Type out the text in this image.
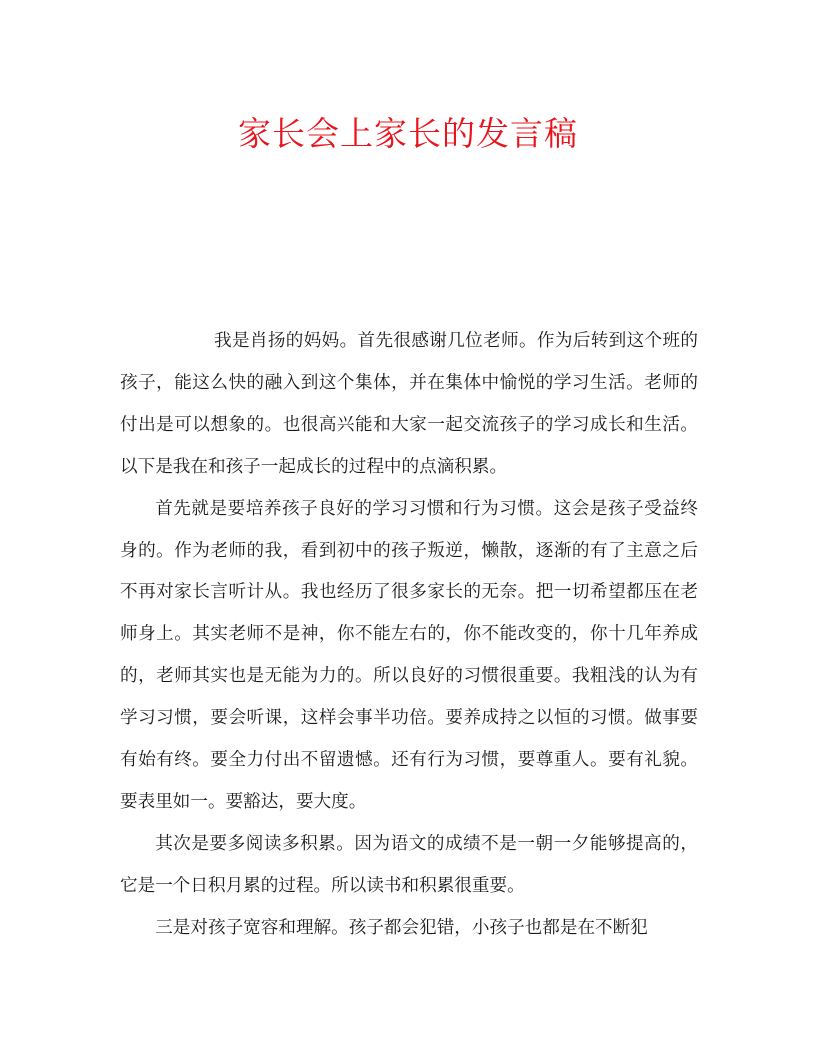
家长会上家长的发言稿

我是肖扬的妈妈。首先很感谢几位老师。作为后转到这个班的孩子，能这么快的融入到这个集体，并在集体中愉悦的学习生活。老师的付出是可以想象的。也很高兴能和大家一起交流孩子的学习成长和生活。以下是我在和孩子一起成长的过程中的点滴积累。

首先就是要培养孩子良好的学习习惯和行为习惯。这会是孩子受益终身的。作为老师的我，看到初中的孩子叛逆，懒散，逐渐的有了主意之后不再对家长言听计从。我也经历了很多家长的无奈。把一切希望都压在老师身上。其实老师不是神，你不能左右的，你不能改变的，你十几年养成的，老师其实也是无能为力的。所以良好的习惯很重要。我粗浅的认为有学习习惯，要会听课，这样会事半功倍。要养成持之以恒的习惯。做事要有始有终。要全力付出不留遗憾。还有行为习惯，要尊重人。要有礼貌。要表里如一。要豁达，要大度。

其次是要多阅读多积累。因为语文的成绩不是一朝一夕能够提高的，它是一个日积月累的过程。所以读书和积累很重要。

三是对孩子宽容和理解。孩子都会犯错，小孩子也都是在不断犯
